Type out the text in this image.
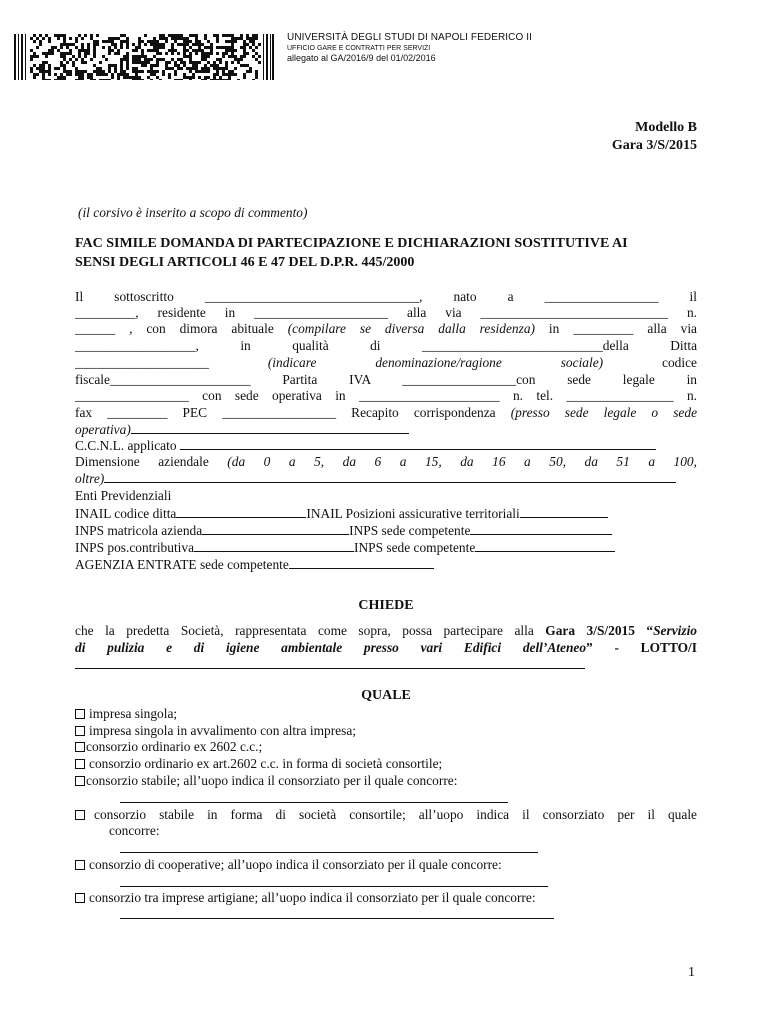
UNIVERSITÀ DEGLI STUDI DI NAPOLI FEDERICO II
UFFICIO GARE E CONTRATTI PER SERVIZI
allegato al GA/2016/9 del 01/02/2016
Modello B
Gara 3/S/2015
(il corsivo è inserito a scopo di commento)
FAC SIMILE DOMANDA DI PARTECIPAZIONE E DICHIARAZIONI SOSTITUTIVE AI
SENSI DEGLI ARTICOLI 46 E 47 DEL D.P.R. 445/2000
Il sottoscritto ________________________________, nato a _________________ il
_________, residente in ____________________ alla via ____________________________ n.
______ , con dimora abituale (compilare se diversa dalla residenza) in _________ alla via
__________________,	in	qualità	di	___________________________della	Ditta
____________________	(indicare	denominazione/ragione	sociale)	codice
fiscale_____________________ Partita IVA _________________con sede legale in
_________________ con sede operativa in _____________________ n. tel. ________________ n.
fax _________ PEC _________________ Recapito corrispondenza (presso sede legale o sede
operativa)
C.C.N.L. applicato
Dimensione aziendale (da 0 a 5, da 6 a 15, da 16 a 50, da 51 a 100,
oltre)
Enti Previdenziali
INAIL codice ditta	INAIL Posizioni assicurative territoriali
INPS matricola azienda	INPS sede competente
INPS pos.contributiva	INPS sede competente
AGENZIA ENTRATE sede competente
CHIEDE
che la predetta Società, rappresentata come sopra, possa partecipare alla Gara 3/S/2015 “Servizio
di pulizia e di igiene ambientale presso vari Edifici dell’Ateneo” - LOTTO/I
QUALE
impresa singola;
impresa singola in avvalimento con altra impresa;
consorzio ordinario ex 2602 c.c.;
consorzio ordinario ex art.2602 c.c. in forma di società consortile;
consorzio stabile; all’uopo indica il consorziato per il quale concorre:
consorzio stabile in forma di società consortile; all’uopo indica il consorziato per il quale
concorre:
consorzio di cooperative; all’uopo indica il consorziato per il quale concorre:
consorzio tra imprese artigiane; all’uopo indica il consorziato per il quale concorre:
1
